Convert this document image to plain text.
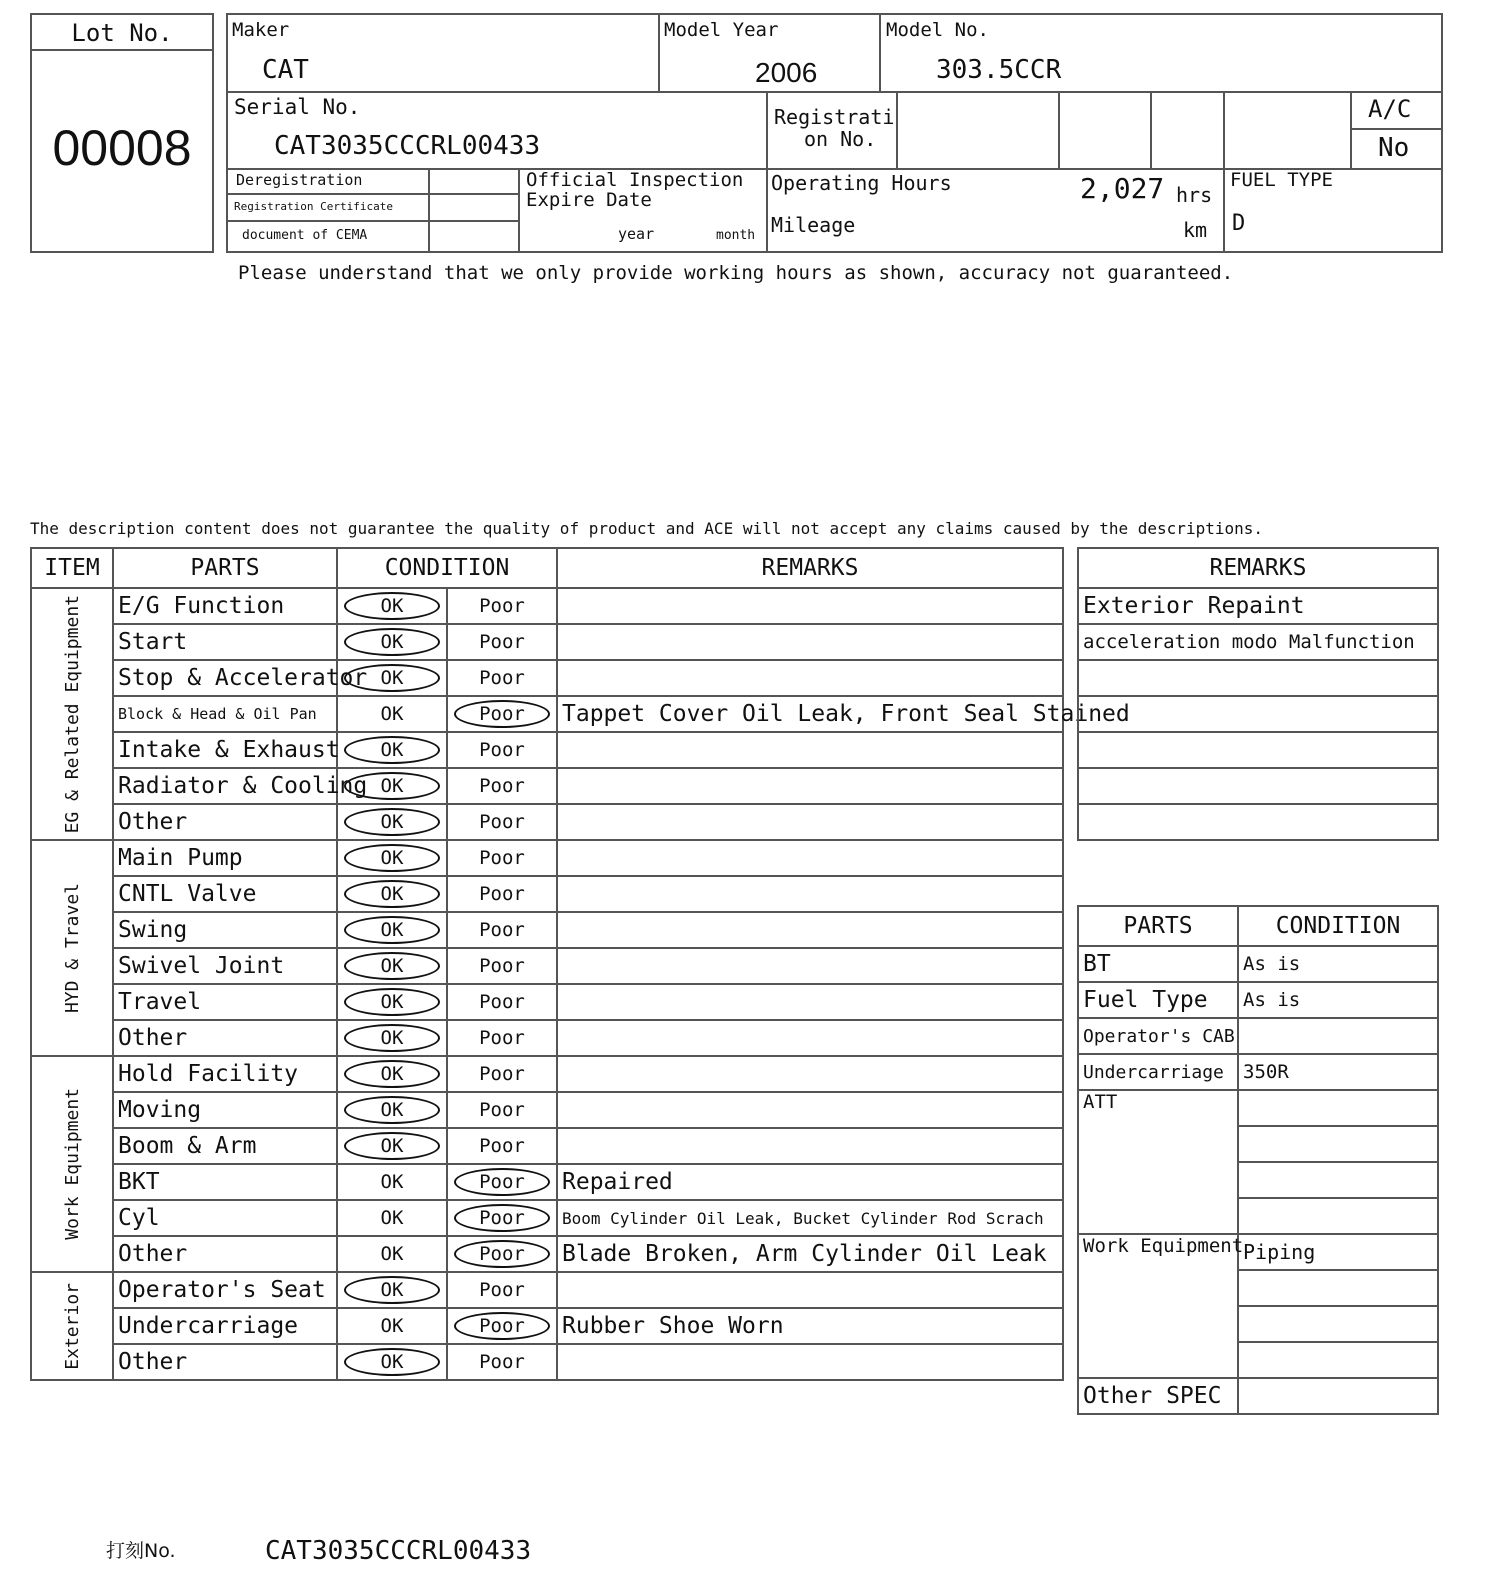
Lot No.
00008
Maker
CAT
Model Year
2006
Model No.
303.5CCR
Serial No.
CAT3035CCCRL00433
Registrati
on No.
A/C
No
Deregistration
Registration Certificate
document of CEMA
Official Inspection
Expire Date
year	month
Operating Hours	2,027 hrs
Mileage	km
FUEL TYPE
D
Please understand that we only provide working hours as shown, accuracy not guaranteed.
The description content does not guarantee the quality of product and ACE will not accept any claims caused by the descriptions.
ITEM	PARTS	CONDITION		REMARKS

EG & Related Equipment	E/G Function	OK	Poor	
	Start	OK	Poor	
	Stop & Accelerator	OK	Poor	
	Block & Head & Oil Pan	OK	Poor	Tappet Cover Oil Leak, Front Seal Stained
	Intake & Exhaust	OK	Poor	
	Radiator & Cooling	OK	Poor	
	Other	OK	Poor	

HYD & Travel	Main Pump	OK	Poor	
	CNTL Valve	OK	Poor	
	Swing	OK	Poor	
	Swivel Joint	OK	Poor	
	Travel	OK	Poor	
	Other	OK	Poor	

Work Equipment	Hold Facility	OK	Poor	
	Moving	OK	Poor	
	Boom & Arm	OK	Poor	
	BKT	OK	Poor	Repaired
	Cyl	OK	Poor	Boom Cylinder Oil Leak, Bucket Cylinder Rod Scrach
	Other	OK	Poor	Blade Broken, Arm Cylinder Oil Leak

Exterior	Operator's Seat	OK	Poor	
	Undercarriage	OK	Poor	Rubber Shoe Worn
	Other	OK	Poor	
REMARKS
Exterior Repaint
acceleration modo Malfunction

PARTS	CONDITION
BT	As is
Fuel Type	As is
Operator's CAB	
Undercarriage	350R
ATT	

Work Equipment	Piping

Other SPEC	
打刻No.	CAT3035CCCRL00433
